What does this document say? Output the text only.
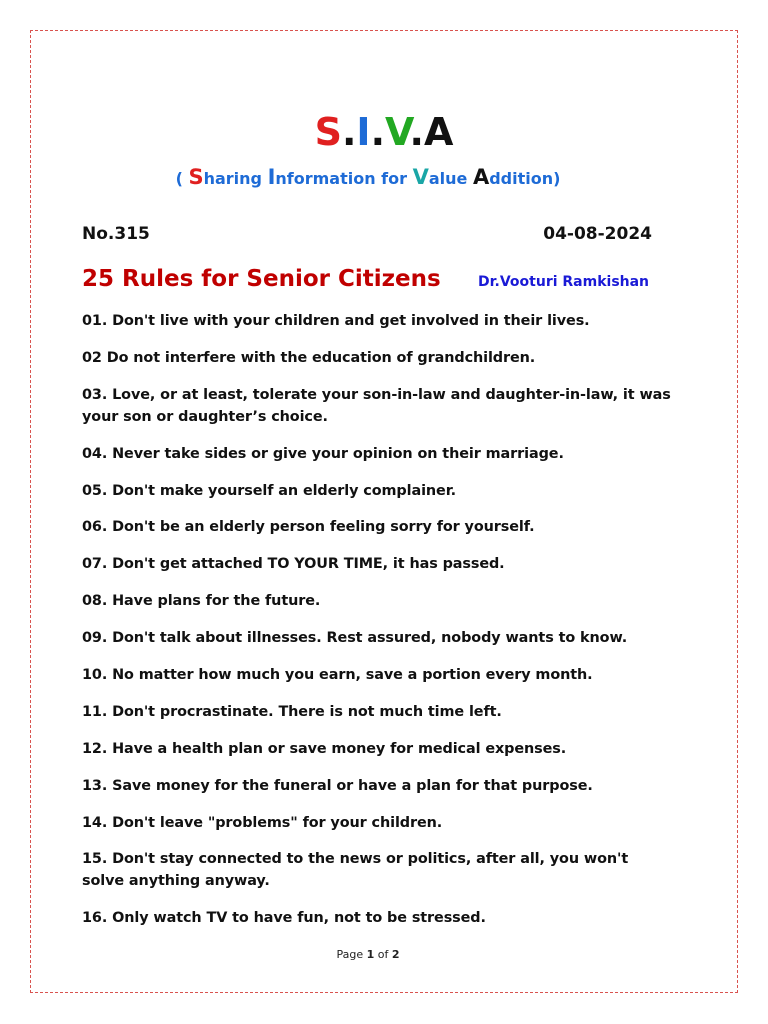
S.I.V.A
( Sharing Information for Value Addition)
No.315	04-08-2024
25 Rules for Senior Citizens	Dr.Vooturi Ramkishan
01. Don't live with your children and get involved in their lives.
02 Do not interfere with the education of grandchildren.
03. Love, or at least, tolerate your son-in-law and daughter-in-law, it was your son or daughter’s choice.
04. Never take sides or give your opinion on their marriage.
05. Don't make yourself an elderly complainer.
06. Don't be an elderly person feeling sorry for yourself.
07. Don't get attached TO YOUR TIME, it has passed.
08. Have plans for the future.
09. Don't talk about illnesses. Rest assured, nobody wants to know.
10. No matter how much you earn, save a portion every month.
11. Don't procrastinate. There is not much time left.
12. Have a health plan or save money for medical expenses.
13. Save money for the funeral or have a plan for that purpose.
14. Don't leave "problems" for your children.
15. Don't stay connected to the news or politics, after all, you won't solve anything anyway.
16. Only watch TV to have fun, not to be stressed.
Page 1 of 2
